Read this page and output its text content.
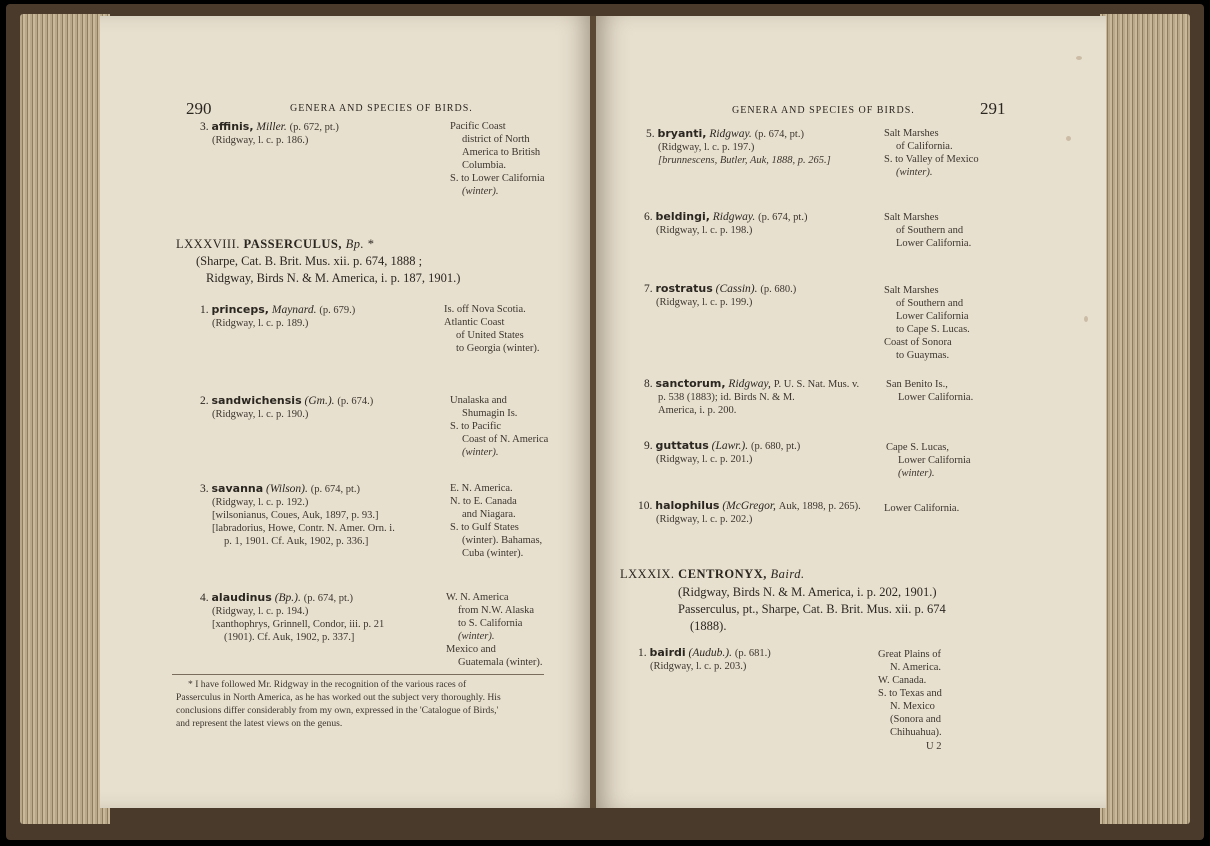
290	GENERA AND SPECIES OF BIRDS.
3. affinis, Miller. (p. 672, pt.)
(Ridgway, l. c. p. 186.)
Pacific Coast
district of North
America to British
Columbia.
S. to Lower California
(winter).
LXXXVIII. PASSERCULUS, Bp. *
(Sharpe, Cat. B. Brit. Mus. xii. p. 674, 1888 ;
Ridgway, Birds N. & M. America, i. p. 187, 1901.)
1. princeps, Maynard. (p. 679.)
(Ridgway, l. c. p. 189.)
Is. off Nova Scotia.
Atlantic Coast
of United States
to Georgia (winter).
2. sandwichensis (Gm.). (p. 674.)
(Ridgway, l. c. p. 190.)
Unalaska and
Shumagin Is.
S. to Pacific
Coast of N. America
(winter).
3. savanna (Wilson). (p. 674, pt.)
(Ridgway, l. c. p. 192.)
[wilsonianus, Coues, Auk, 1897, p. 93.]
[labradorius, Howe, Contr. N. Amer. Orn. i.
p. 1, 1901. Cf. Auk, 1902, p. 336.]
E. N. America.
N. to E. Canada
and Niagara.
S. to Gulf States
(winter). Bahamas,
Cuba (winter).
4. alaudinus (Bp.). (p. 674, pt.)
(Ridgway, l. c. p. 194.)
[xanthophrys, Grinnell, Condor, iii. p. 21
(1901). Cf. Auk, 1902, p. 337.]
W. N. America
from N.W. Alaska
to S. California
(winter).
Mexico and
Guatemala (winter).
* I have followed Mr. Ridgway in the recognition of the various races of
Passerculus in North America, as he has worked out the subject very thoroughly. His
conclusions differ considerably from my own, expressed in the 'Catalogue of Birds,'
and represent the latest views on the genus.
GENERA AND SPECIES OF BIRDS.	291
5. bryanti, Ridgway. (p. 674, pt.)
(Ridgway, l. c. p. 197.)
[brunnescens, Butler, Auk, 1888, p. 265.]
Salt Marshes
of California.
S. to Valley of Mexico
(winter).
6. beldingi, Ridgway. (p. 674, pt.)
(Ridgway, l. c. p. 198.)
Salt Marshes
of Southern and
Lower California.
7. rostratus (Cassin). (p. 680.)
(Ridgway, l. c. p. 199.)
Salt Marshes
of Southern and
Lower California
to Cape S. Lucas.
Coast of Sonora
to Guaymas.
8. sanctorum, Ridgway, P. U. S. Nat. Mus. v.
p. 538 (1883); id. Birds N. & M.
America, i. p. 200.
San Benito Is.,
Lower California.
9. guttatus (Lawr.). (p. 680, pt.)
(Ridgway, l. c. p. 201.)
Cape S. Lucas,
Lower California
(winter).
10. halophilus (McGregor, Auk, 1898, p. 265).
(Ridgway, l. c. p. 202.)
Lower California.
LXXXIX. CENTRONYX, Baird.
(Ridgway, Birds N. & M. America, i. p. 202, 1901.)
Passerculus, pt., Sharpe, Cat. B. Brit. Mus. xii. p. 674
(1888).
1. bairdi (Audub.). (p. 681.)
(Ridgway, l. c. p. 203.)
Great Plains of
N. America.
W. Canada.
S. to Texas and
N. Mexico
(Sonora and
Chihuahua).
U 2
